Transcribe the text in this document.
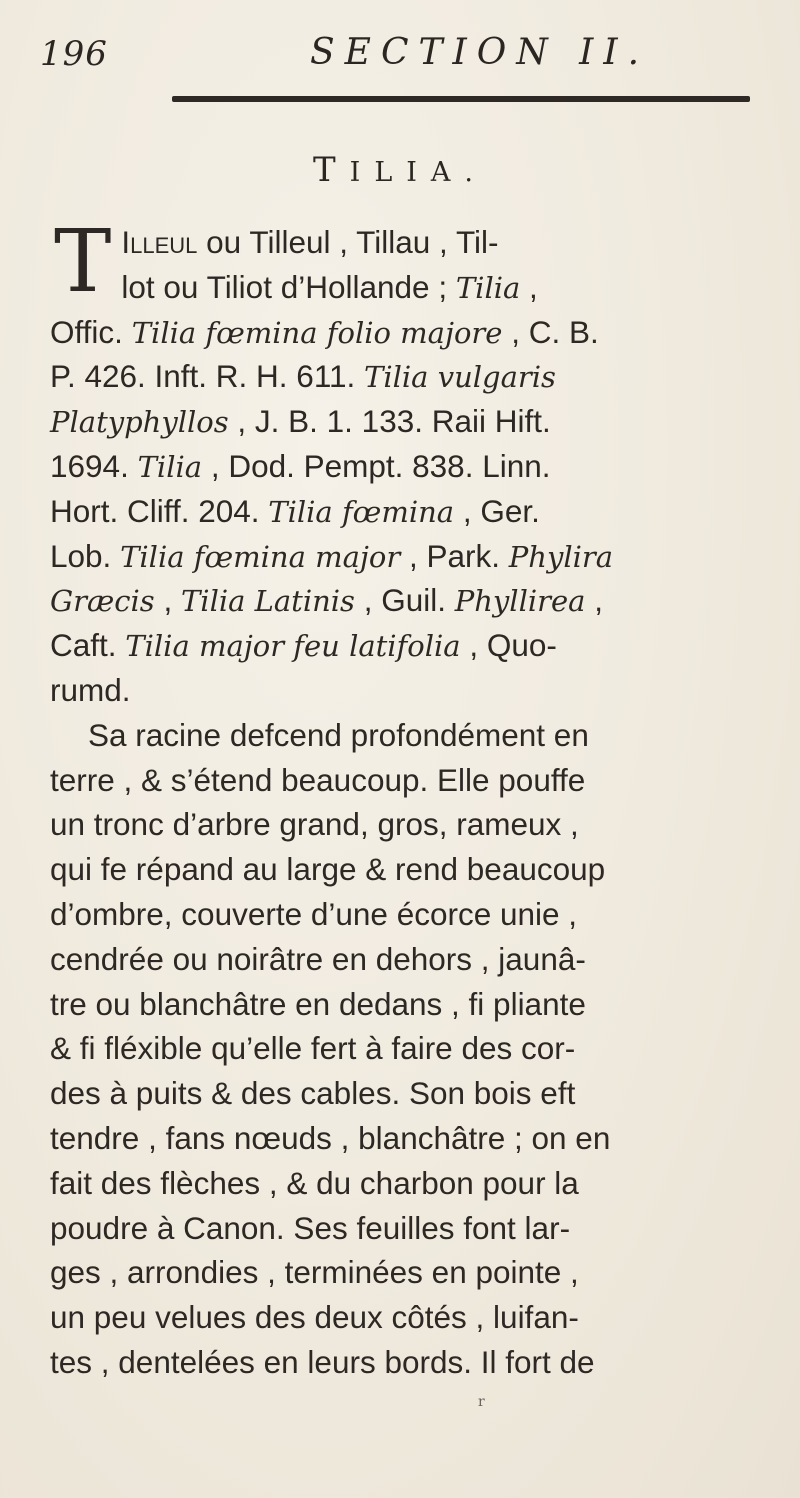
196	SECTION II.
TILIA.
T Illeul ou Tilleul , Tillau , Til-
lot ou Tiliot d’Hollande ; Tilia ,
Offic. Tilia fœmina folio majore , C. B.
P. 426. Inft. R. H. 611. Tilia vulgaris
Platyphyllos , J. B. 1. 133. Raii Hift.
1694. Tilia , Dod. Pempt. 838. Linn.
Hort. Cliff. 204. Tilia fœmina , Ger.
Lob. Tilia fœmina major , Park. Phylira
Græcis , Tilia Latinis , Guil. Phyllirea ,
Caft. Tilia major feu latifolia , Quo-
rumd.
Sa racine defcend profondément en
terre , & s’étend beaucoup. Elle pouffe
un tronc d’arbre grand, gros, rameux ,
qui fe répand au large & rend beaucoup
d’ombre, couverte d’une écorce unie ,
cendrée ou noirâtre en dehors , jaunâ-
tre ou blanchâtre en dedans , fi pliante
& fi fléxible qu’elle fert à faire des cor-
des à puits & des cables. Son bois eft
tendre , fans nœuds , blanchâtre ; on en
fait des flèches , & du charbon pour la
poudre à Canon. Ses feuilles font lar-
ges , arrondies , terminées en pointe ,
un peu velues des deux côtés , luifan-
tes , dentelées en leurs bords. Il fort de
r
